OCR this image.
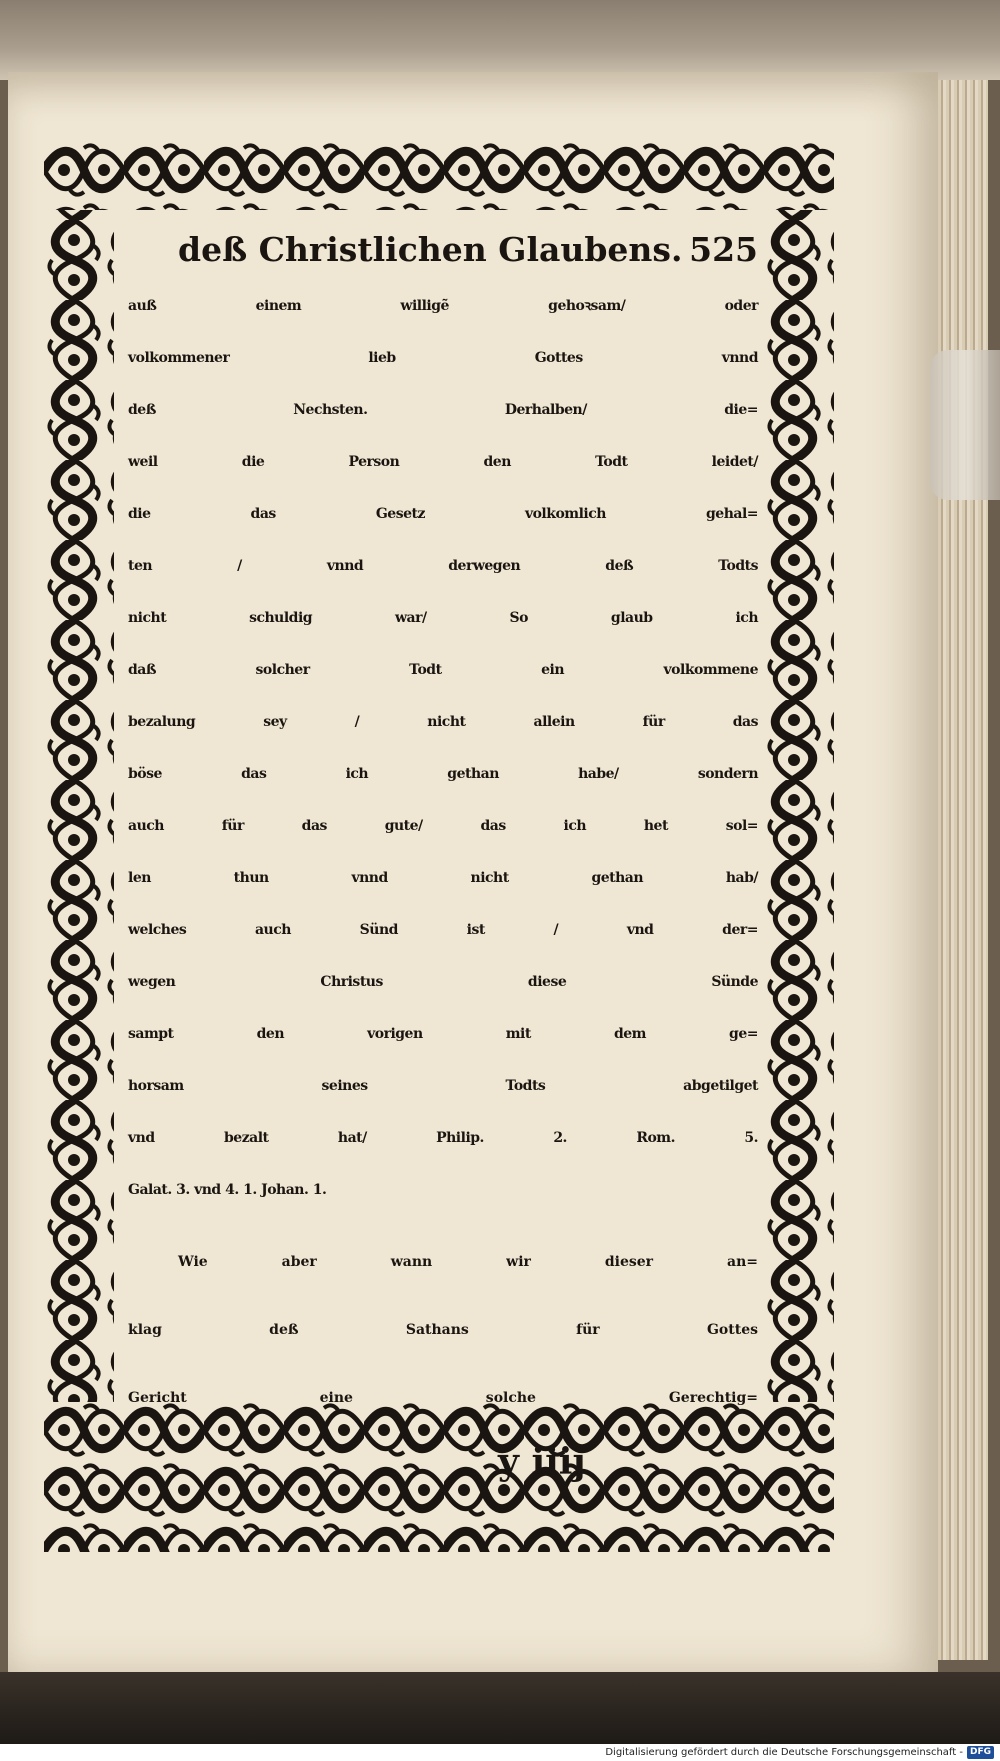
deß Christlichen Glaubens. 525
auß einem willigẽ gehoꝛsam/ oder
volkommener lieb Gottes vnnd
deß Nechsten. Derhalben/ die=
weil die Person den Todt leidet/
die das Gesetz volkomlich gehal=
ten / vnnd derwegen deß Todts
nicht schuldig war/ So glaub ich
daß solcher Todt ein volkommene
bezalung sey / nicht allein für das
böse das ich gethan habe/ sondern
auch für das gute/ das ich het sol=
len thun vnnd nicht gethan hab/
welches auch Sünd ist / vnd der=
wegen Christus diese Sünde
sampt den vorigen mit dem ge=
horsam seines Todts abgetilget
vnd bezalt hat/ Philip. 2. Rom. 5.
Galat. 3. vnd 4. 1. Johan. 1.
Wie aber wann wir dieser an=
klag deß Sathans für Gottes
Gericht eine solche Gerechtig=
y iiij
Digitalisierung gefördert durch die Deutsche Forschungsgemeinschaft - DFG
